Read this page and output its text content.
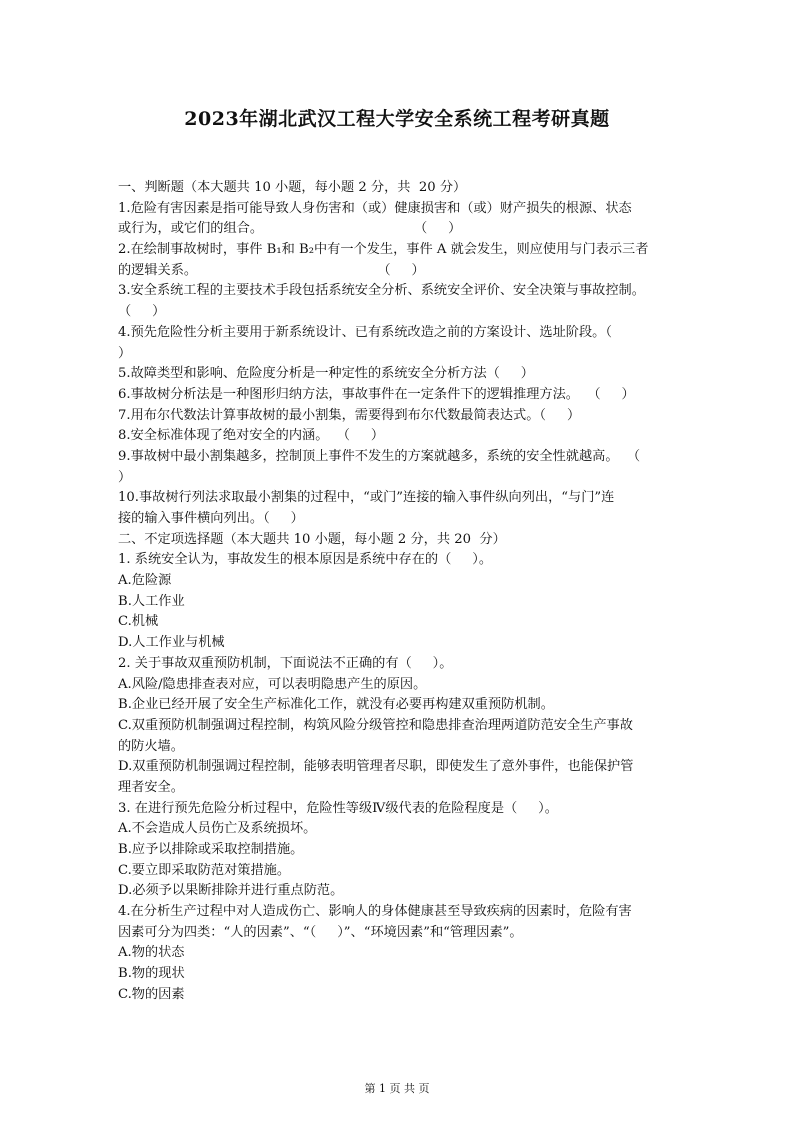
2023年湖北武汉工程大学安全系统工程考研真题
一、判断题（本大题共 10 小题，每小题 2 分，共  20 分）
1.危险有害因素是指可能导致人身伤害和（或）健康损害和（或）财产损失的根源、状态
或行为，或它们的组合。                                    （     ）
2.在绘制事故树时，事件 B₁和 B₂中有一个发生，事件 A 就会发生，则应使用与门表示三者
的逻辑关系。                                           （     ）
3.安全系统工程的主要技术手段包括系统安全分析、系统安全评价、安全决策与事故控制。
（     ）
4.预先危险性分析主要用于新系统设计、已有系统改造之前的方案设计、选址阶段。（
）
5.故障类型和影响、危险度分析是一种定性的系统安全分析方法（     ）
6.事故树分析法是一种图形归纳方法，事故事件在一定条件下的逻辑推理方法。  （     ）
7.用布尔代数法计算事故树的最小割集，需要得到布尔代数最简表达式。（     ）
8.安全标准体现了绝对安全的内涵。  （     ）
9.事故树中最小割集越多，控制顶上事件不发生的方案就越多，系统的安全性就越高。  （
）
10.事故树行列法求取最小割集的过程中，“或门”连接的输入事件纵向列出，“与门”连
接的输入事件横向列出。（     ）
二、不定项选择题（本大题共 10 小题，每小题 2 分，共 20  分）
1. 系统安全认为，事故发生的根本原因是系统中存在的（     ）。
A.危险源
B.人工作业
C.机械
D.人工作业与机械
2. 关于事故双重预防机制，下面说法不正确的有（     ）。
A.风险/隐患排查表对应，可以表明隐患产生的原因。
B.企业已经开展了安全生产标准化工作，就没有必要再构建双重预防机制。
C.双重预防机制强调过程控制，构筑风险分级管控和隐患排查治理两道防范安全生产事故
的防火墙。
D.双重预防机制强调过程控制，能够表明管理者尽职，即使发生了意外事件，也能保护管
理者安全。
3. 在进行预先危险分析过程中，危险性等级Ⅳ级代表的危险程度是（     ）。
A.不会造成人员伤亡及系统损坏。
B.应予以排除或采取控制措施。
C.要立即采取防范对策措施。
D.必须予以果断排除并进行重点防范。
4.在分析生产过程中对人造成伤亡、影响人的身体健康甚至导致疾病的因素时，危险有害
因素可分为四类：“人的因素”、“（     ）”、“环境因素”和“管理因素”。
A.物的状态
B.物的现状
C.物的因素
第 1 页 共 页
